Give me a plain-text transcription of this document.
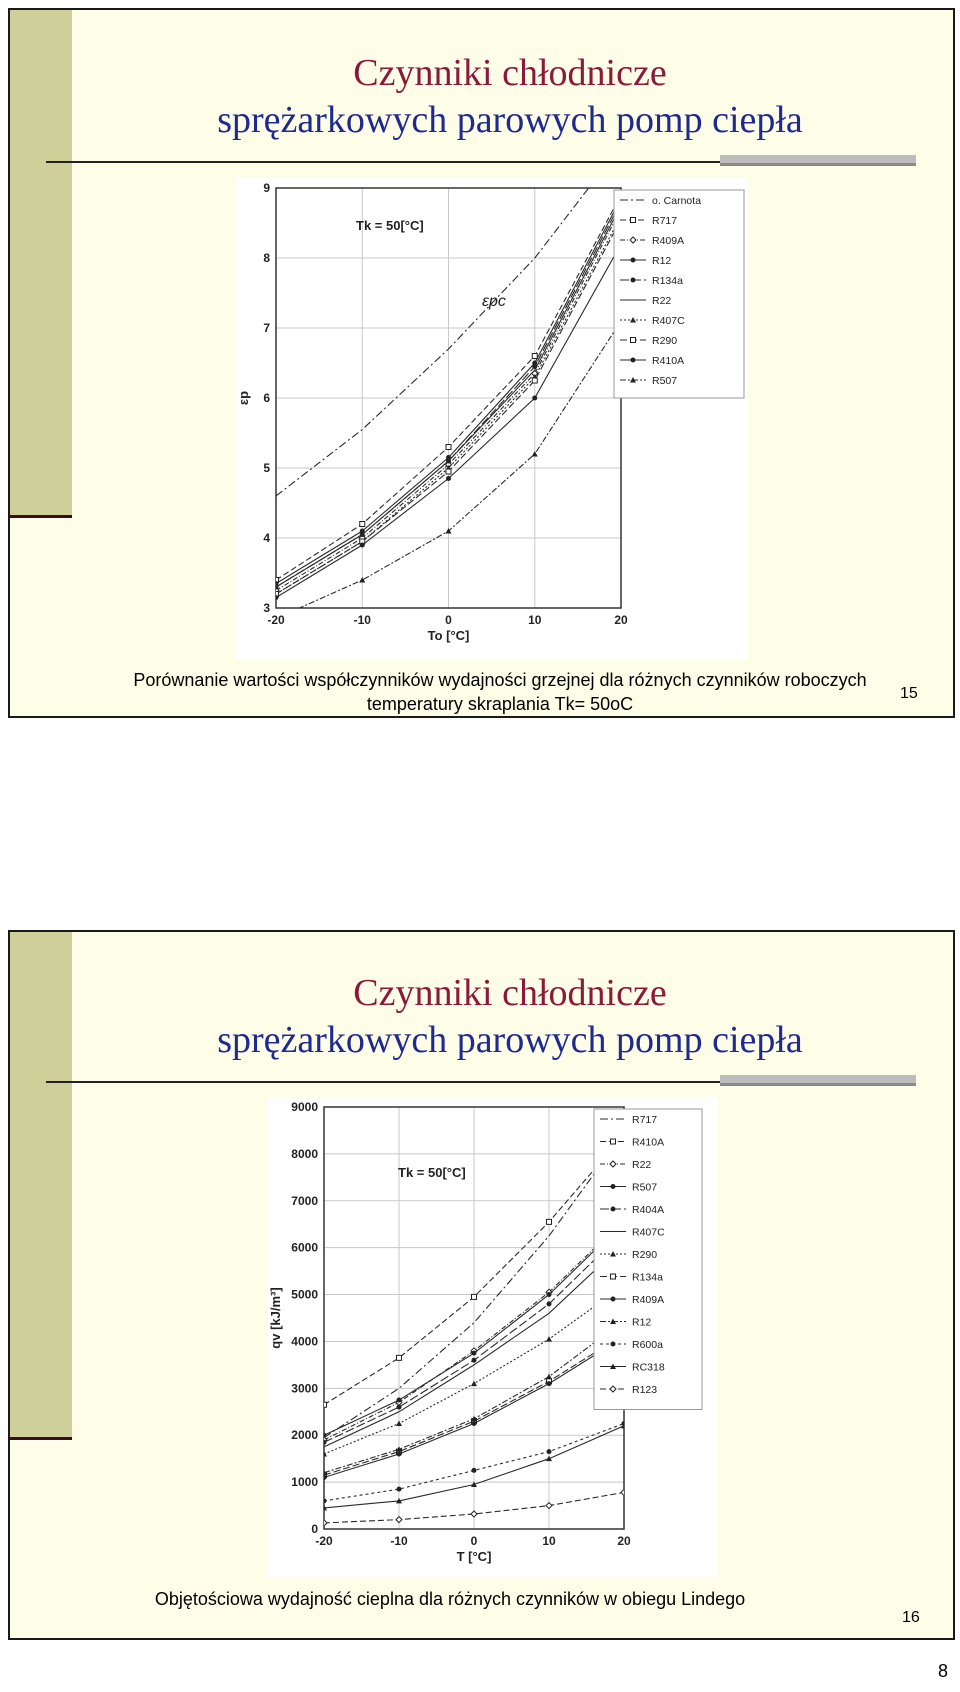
Czynniki chłodnicze
sprężarkowych parowych pomp ciepła
-20	-10	0	10	20
3
4
5
6
7
8
9
o. Carnota
R717
R409A
R12
R134a
R22
R407C
R290
R410A
R507
Tk = 50[°C]
To [°C]
εp
εpc
Porównanie wartości współczynników wydajności grzejnej dla różnych czynników roboczych
temperatury skraplania Tk= 50oC
15
Czynniki chłodnicze
sprężarkowych parowych pomp ciepła
-20	-10	0	10	20
0
1000
2000
3000
4000
5000
6000
7000
8000
9000
R717
R410A
R22
R507
R404A
R407C
R290
R134a
R409A
R12
R600a
RC318
R123
Tk = 50[°C]
T [°C]
qv [kJ/m³]
Objętościowa wydajność cieplna dla różnych czynników w obiegu Lindego
16
8
